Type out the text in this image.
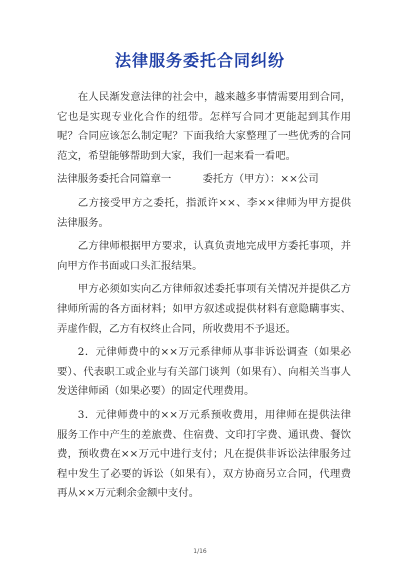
法律服务委托合同纠纷

在人民渐发意法律的社会中，越来越多事情需要用到合同，它也是实现专业化合作的纽带。怎样写合同才更能起到其作用呢？合同应该怎么制定呢？下面我给大家整理了一些优秀的合同范文，希望能够帮助到大家，我们一起来看一看吧。

法律服务委托合同篇章一　　　委托方（甲方）：××公司

乙方接受甲方之委托，指派许××、李××律师为甲方提供法律服务。

乙方律师根据甲方要求，认真负责地完成甲方委托事项，并向甲方作书面或口头汇报结果。

甲方必须如实向乙方律师叙述委托事项有关情况并提供乙方律师所需的各方面材料；如甲方叙述或提供材料有意隐瞒事实、弄虚作假，乙方有权终止合同，所收费用不予退还。

2．元律师费中的××万元系律师从事非诉讼调查（如果必要）、代表职工或企业与有关部门谈判（如果有）、向相关当事人发送律师函（如果必要）的固定代理费用。

3．元律师费中的××万元系预收费用，用律师在提供法律服务工作中产生的差旅费、住宿费、文印打字费、通讯费、餐饮费，预收费在××万元中进行支付；凡在提供非诉讼法律服务过程中发生了必要的诉讼（如果有），双方协商另立合同，代理费再从××万元剩余金额中支付。

1/16
